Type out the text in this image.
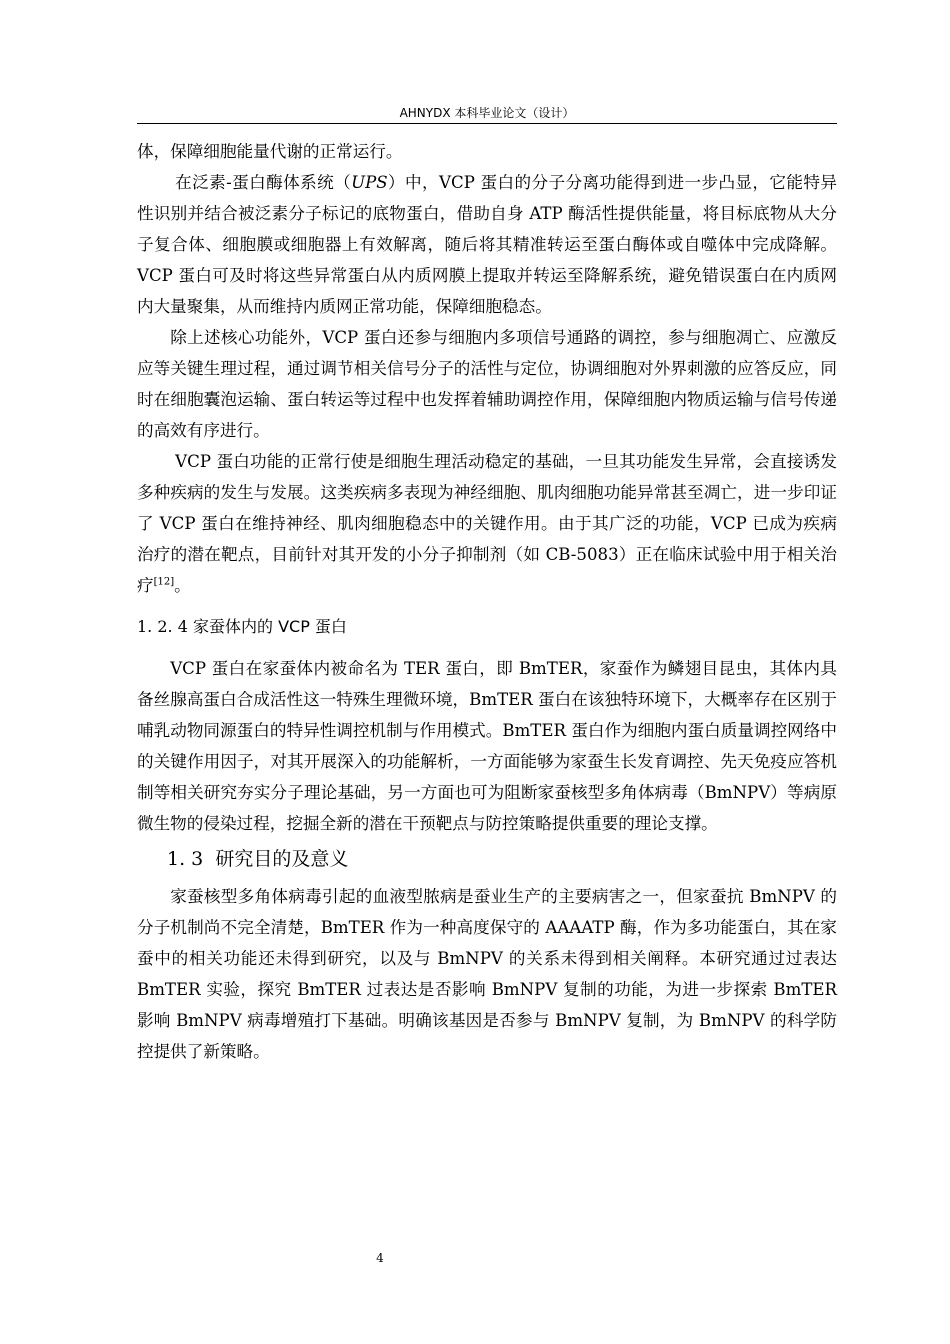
AHNYDX 本科毕业论文（设计）

体，保障细胞能量代谢的正常运行。

在泛素-蛋白酶体系统（UPS）中，VCP 蛋白的分子分离功能得到进一步凸显，它能特异性识别并结合被泛素分子标记的底物蛋白，借助自身 ATP 酶活性提供能量，将目标底物从大分子复合体、细胞膜或细胞器上有效解离，随后将其精准转运至蛋白酶体或自噬体中完成降解。VCP 蛋白可及时将这些异常蛋白从内质网膜上提取并转运至降解系统，避免错误蛋白在内质网内大量聚集，从而维持内质网正常功能，保障细胞稳态。

除上述核心功能外，VCP 蛋白还参与细胞内多项信号通路的调控，参与细胞凋亡、应激反应等关键生理过程，通过调节相关信号分子的活性与定位，协调细胞对外界刺激的应答反应，同时在细胞囊泡运输、蛋白转运等过程中也发挥着辅助调控作用，保障细胞内物质运输与信号传递的高效有序进行。

VCP 蛋白功能的正常行使是细胞生理活动稳定的基础，一旦其功能发生异常，会直接诱发多种疾病的发生与发展。这类疾病多表现为神经细胞、肌肉细胞功能异常甚至凋亡，进一步印证了 VCP 蛋白在维持神经、肌肉细胞稳态中的关键作用。由于其广泛的功能，VCP 已成为疾病治疗的潜在靶点，目前针对其开发的小分子抑制剂（如 CB-5083）正在临床试验中用于相关治疗[12]。

1. 2. 4 家蚕体内的 VCP 蛋白

VCP 蛋白在家蚕体内被命名为 TER 蛋白，即 BmTER，家蚕作为鳞翅目昆虫，其体内具备丝腺高蛋白合成活性这一特殊生理微环境，BmTER 蛋白在该独特环境下，大概率存在区别于哺乳动物同源蛋白的特异性调控机制与作用模式。BmTER 蛋白作为细胞内蛋白质量调控网络中的关键作用因子，对其开展深入的功能解析，一方面能够为家蚕生长发育调控、先天免疫应答机制等相关研究夯实分子理论基础，另一方面也可为阻断家蚕核型多角体病毒（BmNPV）等病原微生物的侵染过程，挖掘全新的潜在干预靶点与防控策略提供重要的理论支撑。

1. 3 研究目的及意义

家蚕核型多角体病毒引起的血液型脓病是蚕业生产的主要病害之一，但家蚕抗 BmNPV 的分子机制尚不完全清楚，BmTER 作为一种高度保守的 AAAATP 酶，作为多功能蛋白，其在家蚕中的相关功能还未得到研究，以及与 BmNPV 的关系未得到相关阐释。本研究通过过表达 BmTER 实验，探究 BmTER 过表达是否影响 BmNPV 复制的功能，为进一步探索 BmTER 影响 BmNPV 病毒增殖打下基础。明确该基因是否参与 BmNPV 复制，为 BmNPV 的科学防控提供了新策略。

4
